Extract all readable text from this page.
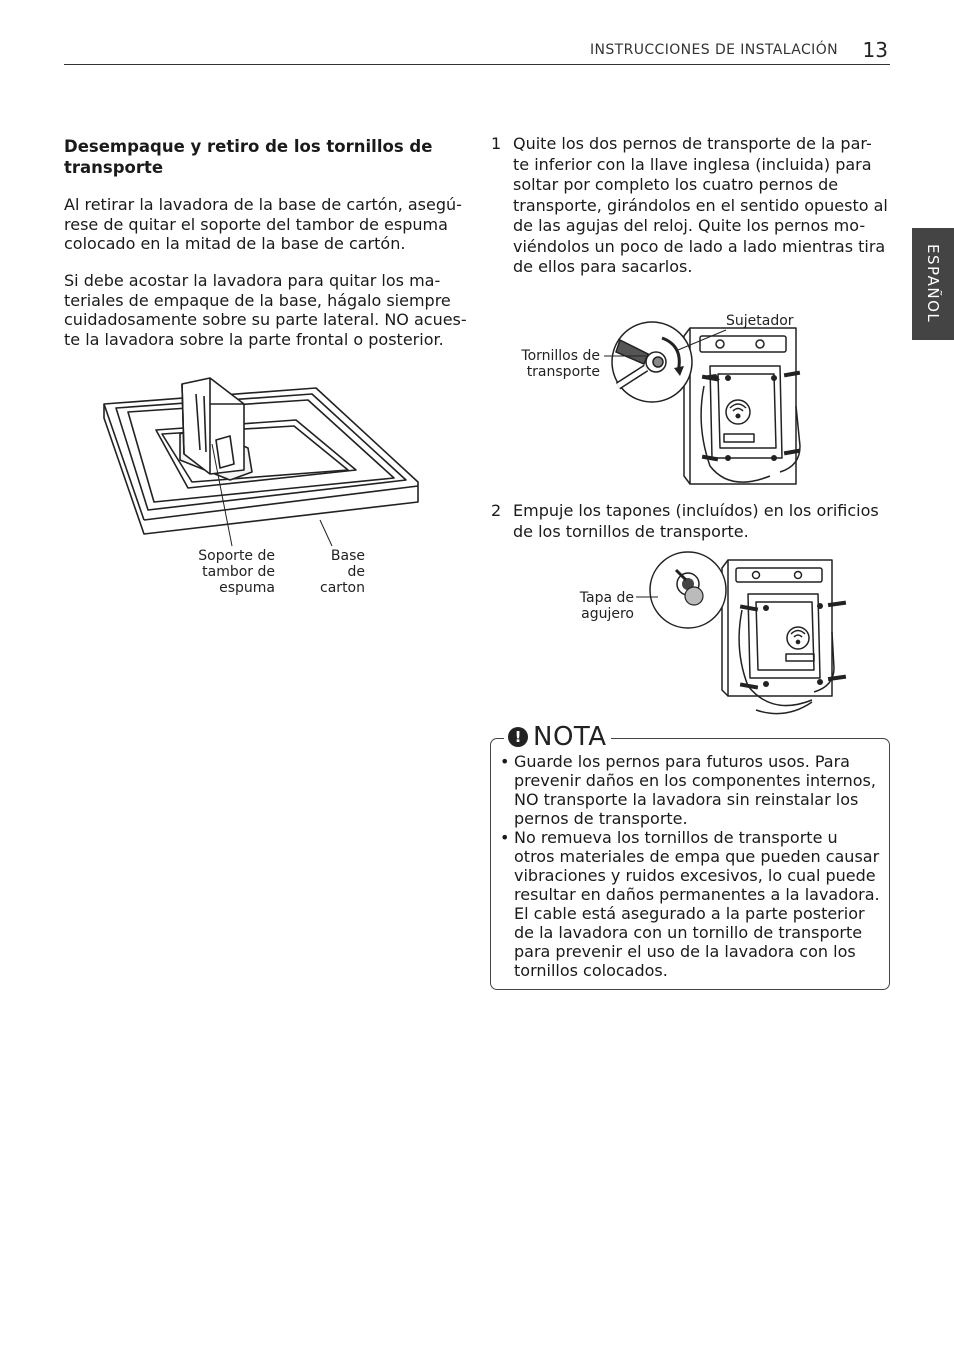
INSTRUCCIONES DE INSTALACIÓN 13
ESPAÑOL
Desempaque y retiro de los tornillos de
transporte
Al retirar la lavadora de la base de cartón, asegú-
rese de quitar el soporte del tambor de espuma
colocado en la mitad de la base de cartón.
Si debe acostar la lavadora para quitar los ma-
teriales de empaque de la base, hágalo siempre
cuidadosamente sobre su parte lateral. NO acues-
te la lavadora sobre la parte frontal o posterior.
Soporte de
tambor de
espuma
Base
de
carton
1 Quite los dos pernos de transporte de la par-
te inferior con la llave inglesa (incluida) para
soltar por completo los cuatro pernos de
transporte, girándolos en el sentido opuesto al
de las agujas del reloj. Quite los pernos mo-
viéndolos un poco de lado a lado mientras tira
de ellos para sacarlos.
Sujetador
Tornillos de
transporte
2 Empuje los tapones (incluídos) en los orificios
de los tornillos de transporte.
Tapa de
agujero
! NOTA
• Guarde los pernos para futuros usos. Para
prevenir daños en los componentes internos,
NO transporte la lavadora sin reinstalar los
pernos de transporte.
• No remueva los tornillos de transporte u
otros materiales de empa que pueden causar
vibraciones y ruidos excesivos, lo cual puede
resultar en daños permanentes a la lavadora.
El cable está asegurado a la parte posterior
de la lavadora con un tornillo de transporte
para prevenir el uso de la lavadora con los
tornillos colocados.
